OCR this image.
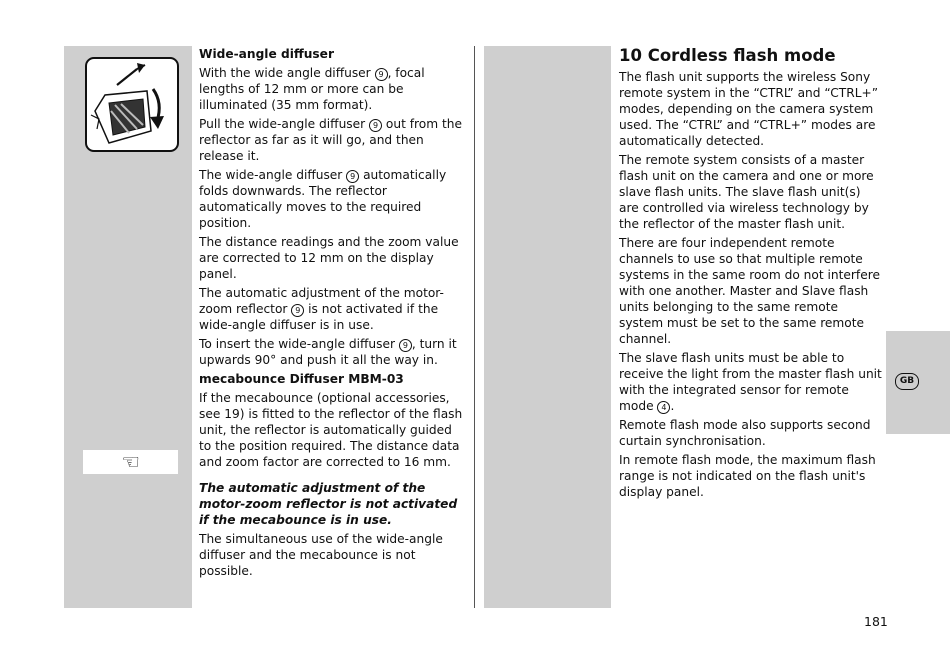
☜

Wide-angle diffuser

With the wide angle diffuser 9 , focal lengths of 12 mm or more can be illuminated (35 mm format).

Pull the wide-angle diffuser 9 out from the reflector as far as it will go, and then release it.

The wide-angle diffuser 9 automatically folds downwards. The reflector automatically moves to the required position.

The distance readings and the zoom value are corrected to 12 mm on the display panel.

The automatic adjustment of the motor-zoom reflector 9 is not activated if the wide-angle diffuser is in use.

To insert the wide-angle diffuser 9 , turn it upwards 90° and push it all the way in.

mecabounce Diffuser MBM-03

If the mecabounce (optional accessories, see 19) is fitted to the reflector of the flash unit, the reflector is automatically guided to the position required. The distance data and zoom factor are corrected to 16 mm.

The automatic adjustment of the motor-zoom reflector is not activated if the mecabounce is in use.

The simultaneous use of the wide-angle diffuser and the mecabounce is not possible.

10 Cordless flash mode

The flash unit supports the wireless Sony remote system in the “CTRL” and “CTRL+” modes, depending on the camera system used. The “CTRL” and “CTRL+” modes are automatically detected.

The remote system consists of a master flash unit on the camera and one or more slave flash units. The slave flash unit(s) are controlled via wireless technology by the reflector of the master flash unit.

There are four independent remote channels to use so that multiple remote systems in the same room do not interfere with one another. Master and Slave flash units belonging to the same remote system must be set to the same remote channel.

The slave flash units must be able to receive the light from the master flash unit with the integrated sensor for remote mode 4 .

Remote flash mode also supports second curtain synchronisation.

In remote flash mode, the maximum flash range is not indicated on the flash unit's display panel.

GB
181
